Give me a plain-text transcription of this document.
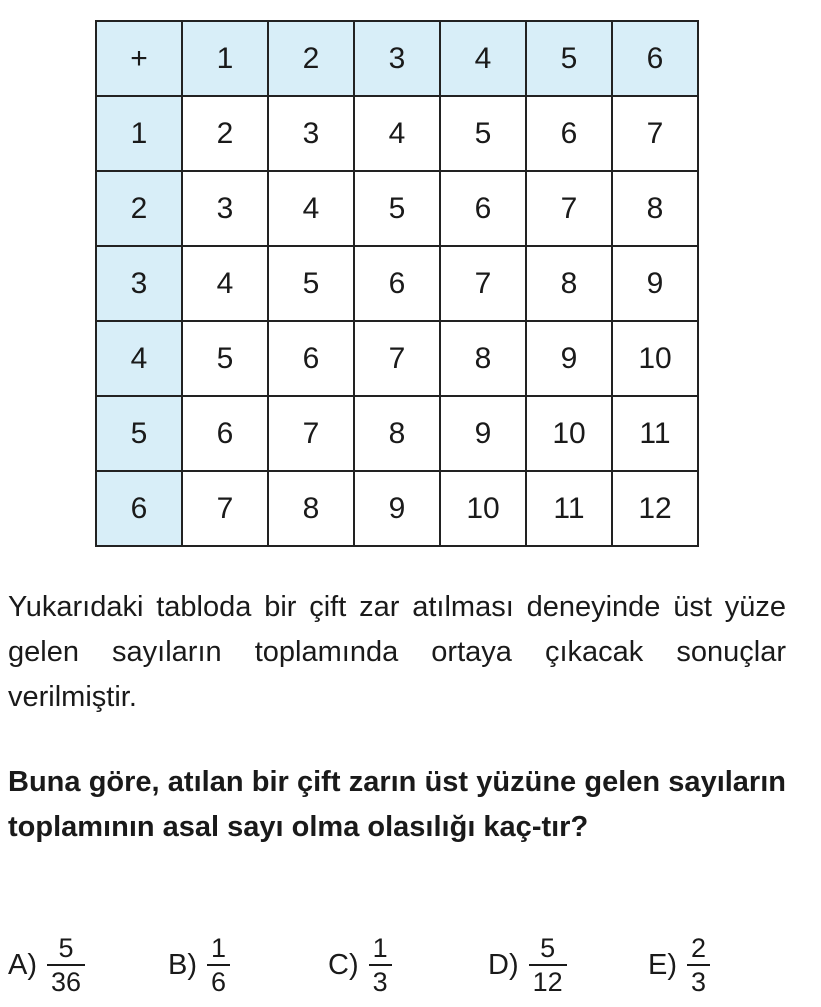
+	1	2	3	4	5	6
1	2	3	4	5	6	7
2	3	4	5	6	7	8
3	4	5	6	7	8	9
4	5	6	7	8	9	10
5	6	7	8	9	10	11
6	7	8	9	10	11	12

Yukarıdaki tabloda bir çift zar atılması deneyinde üst yüze gelen sayıların toplamında ortaya çıkacak sonuçlar verilmiştir.

Buna göre, atılan bir çift zarın üst yüzüne gelen sayıların toplamının asal sayı olma olasılığı kaç-tır?

$A) \frac{5}{36}$	$B) \frac{1}{6}$	$C) \frac{1}{3}$	$D) \frac{5}{12}$	$E) \frac{2}{3}$
